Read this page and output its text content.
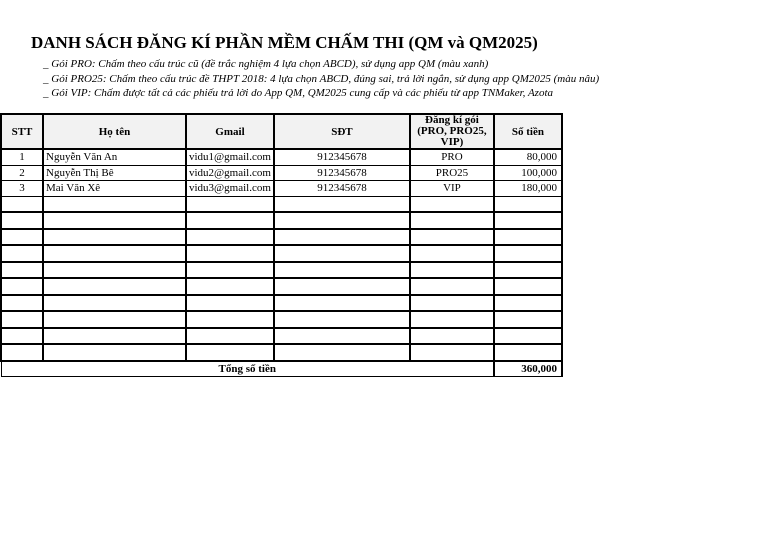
DANH SÁCH ĐĂNG KÍ PHẦN MỀM CHẤM THI (QM và QM2025)
_ Gói PRO: Chấm theo cấu trúc cũ (đề trắc nghiệm 4 lựa chọn ABCD), sử dụng app QM (màu xanh)
_ Gói PRO25: Chấm theo cấu trúc đề THPT 2018: 4 lựa chọn ABCD, đúng sai, trả lời ngắn, sử dụng app QM2025 (màu nâu)
_ Gói VIP: Chấm được tất cả các phiếu trả lời do App QM, QM2025 cung cấp và các phiếu từ app TNMaker, Azota
STT	Họ tên	Gmail	SĐT	Đăng kí gói (PRO, PRO25, VIP)	Số tiền
1	Nguyễn Văn An	vidu1@gmail.com	912345678	PRO	80,000
2	Nguyễn Thị Bê	vidu2@gmail.com	912345678	PRO25	100,000
3	Mai Văn Xê	vidu3@gmail.com	912345678	VIP	180,000

Tổng số tiền					360,000
